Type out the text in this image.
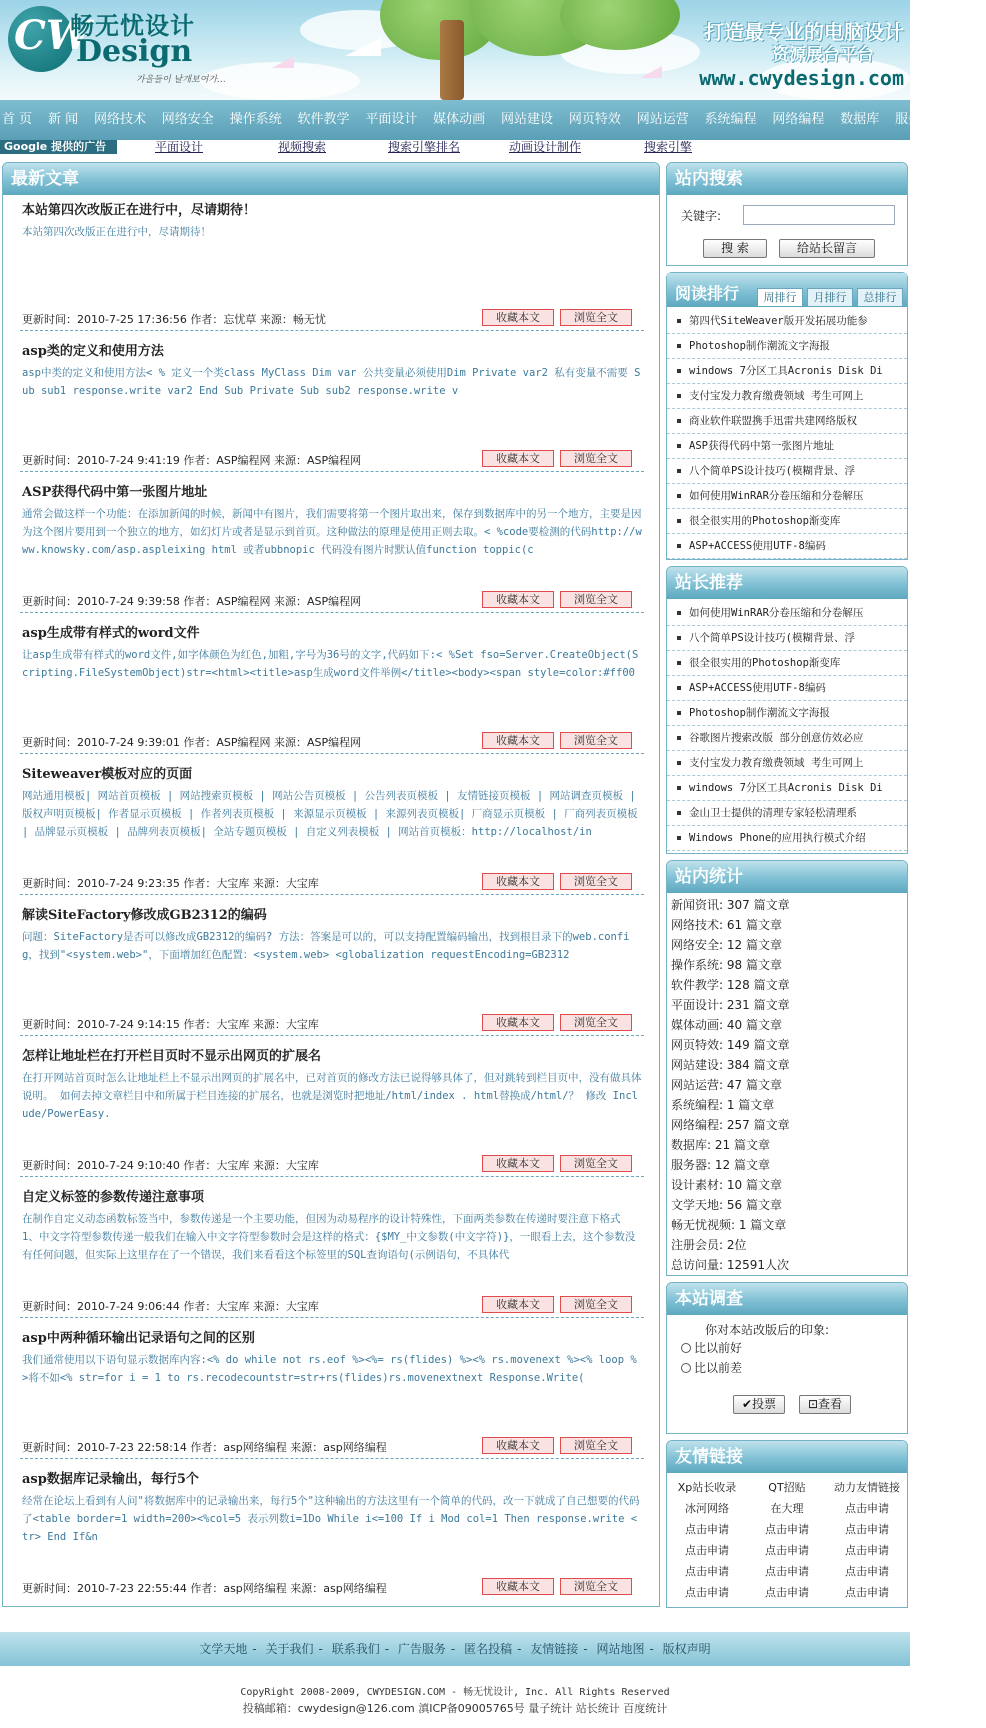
CW
畅无忧设计
Design
가을들이 날개보여가…
打造最专业的电脑设计
资源展台平台
www.cwydesign.com
首 页 新 闻 网络技术 网络安全 操作系统 软件教学 平面设计 媒体动画 网站建设 网页特效 网站运营 系统编程 网络编程 数据库 服务器 素 材
Google 提供的广告	平面设计	视频搜索	搜索引擎排名	动画设计制作	搜索引擎
最新文章
本站第四次改版正在进行中，尽请期待！
本站第四次改版正在进行中，尽请期待！
更新时间：2010-7-25 17:36:56 作者：忘忧草 来源：畅无忧	收藏本文	浏览全文
asp类的定义和使用方法
asp中类的定义和使用方法< % 定义一个类class MyClass Dim var 公共变量必须使用Dim Private var2 私有变量不需要 Sub sub1 response.write var2 End Sub Private Sub sub2 response.write v
更新时间：2010-7-24 9:41:19 作者：ASP编程网 来源：ASP编程网	收藏本文	浏览全文
ASP获得代码中第一张图片地址
通常会做这样一个功能：在添加新闻的时候，新闻中有图片，我们需要将第一个图片取出来，保存到数据库中的另一个地方，主要是因为这个图片要用到一个独立的地方，如幻灯片或者是显示到首页。这种做法的原理是使用正则去取。< %code要检测的代码http://www.knowsky.com/asp.aspleixing html 或者ubbnopic 代码没有图片时默认值function toppic(c
更新时间：2010-7-24 9:39:58 作者：ASP编程网 来源：ASP编程网	收藏本文	浏览全文
asp生成带有样式的word文件
让asp生成带有样式的word文件,如字体颜色为红色,加粗,字号为36号的文字,代码如下:< %Set fso=Server.CreateObject(Scripting.FileSystemObject)str=<html><title>asp生成word文件举例</title><body><span style=color:#ff00
更新时间：2010-7-24 9:39:01 作者：ASP编程网 来源：ASP编程网	收藏本文	浏览全文
Siteweaver模板对应的页面
网站通用模板| 网站首页模板 | 网站搜索页模板 | 网站公告页模板 | 公告列表页模板 | 友情链接页模板 | 网站调查页模板 | 版权声明页模板| 作者显示页模板 | 作者列表页模板 | 来源显示页模板 | 来源列表页模板| 厂商显示页模板 | 厂商列表页模板 | 品牌显示页模板 | 品牌列表页模板| 全站专题页模板 | 自定义列表模板 | 网站首页模板：http://localhost/in
更新时间：2010-7-24 9:23:35 作者：大宝库 来源：大宝库	收藏本文	浏览全文
解读SiteFactory修改成GB2312的编码
问题：SiteFactory是否可以修改成GB2312的编码? 方法：答案是可以的，可以支持配置编码输出，找到根目录下的web.config，找到"<system.web>"，下面增加红色配置：<system.web> <globalization requestEncoding=GB2312
更新时间：2010-7-24 9:14:15 作者：大宝库 来源：大宝库	收藏本文	浏览全文
怎样让地址栏在打开栏目页时不显示出网页的扩展名
在打开网站首页时怎么让地址栏上不显示出网页的扩展名中，已对首页的修改方法已说得够具体了，但对跳转到栏目页中，没有做具体说明。 如何去掉文章栏目中和所属于栏目连接的扩展名，也就是浏览时把地址/html/index . html替换成/html/？ 修改 Include/PowerEasy.
更新时间：2010-7-24 9:10:40 作者：大宝库 来源：大宝库	收藏本文	浏览全文
自定义标签的参数传递注意事项
在制作自定义动态函数标签当中，参数传递是一个主要功能，但因为动易程序的设计特殊性，下面两类参数在传递时要注意下格式 1、中文字符型参数传递一般我们在输入中文字符型参数时会是这样的格式：{$MY_中文参数(中文字符)}，一眼看上去，这个参数没有任何问题，但实际上这里存在了一个错误，我们来看看这个标签里的SQL查询语句(示例语句，不具体代
更新时间：2010-7-24 9:06:44 作者：大宝库 来源：大宝库	收藏本文	浏览全文
asp中两种循环输出记录语句之间的区别
我们通常使用以下语句显示数据库内容:<% do while not rs.eof %><%= rs(flides) %><% rs.movenext %><% loop %>将不如<% str=for i = 1 to rs.recodecountstr=str+rs(flides)rs.movenextnext Response.Write(
更新时间：2010-7-23 22:58:14 作者：asp网络编程 来源：asp网络编程	收藏本文	浏览全文
asp数据库记录输出，每行5个
经常在论坛上看到有人问"将数据库中的记录输出来，每行5个"这种输出的方法这里有一个简单的代码，改一下就成了自己想要的代码了<table border=1 width=200><%col=5 表示列数i=1Do While i<=100 If i Mod col=1 Then response.write <tr> End If&n
更新时间：2010-7-23 22:55:44 作者：asp网络编程 来源：asp网络编程	收藏本文	浏览全文
站内搜索
关键字:
搜 索	给站长留言
阅读排行	周排行	月排行	总排行
第四代SiteWeaver版开发拓展功能参
Photoshop制作潮流文字海报
windows 7分区工具Acronis Disk Di
支付宝发力教育缴费领域 考生可网上
商业软件联盟携手迅雷共建网络版权
ASP获得代码中第一张图片地址
八个简单PS设计技巧(模糊背景、浮
如何使用WinRAR分卷压缩和分卷解压
很全很实用的Photoshop渐变库
ASP+ACCESS使用UTF-8编码
站长推荐
如何使用WinRAR分卷压缩和分卷解压
八个简单PS设计技巧(模糊背景、浮
很全很实用的Photoshop渐变库
ASP+ACCESS使用UTF-8编码
Photoshop制作潮流文字海报
谷歌图片搜索改版 部分创意仿效必应
支付宝发力教育缴费领域 考生可网上
windows 7分区工具Acronis Disk Di
金山卫士提供的清理专家轻松清理系
Windows Phone的应用执行模式介绍
站内统计
新闻资讯: 307 篇文章
网络技术: 61 篇文章
网络安全: 12 篇文章
操作系统: 98 篇文章
软件教学: 128 篇文章
平面设计: 231 篇文章
媒体动画: 40 篇文章
网页特效: 149 篇文章
网站建设: 384 篇文章
网站运营: 47 篇文章
系统编程: 1 篇文章
网络编程: 257 篇文章
数据库: 21 篇文章
服务器: 12 篇文章
设计素材: 10 篇文章
文学天地: 56 篇文章
畅无忧视频: 1 篇文章
注册会员: 2位
总访问量: 12591人次
本站调查
你对本站改版后的印象:
比以前好
比以前差
✔投票	⊡查看
友情链接
Xp站长收录	QT招贴	动力友情链接
冰河网络	在大理	点击申请
点击申请	点击申请	点击申请
点击申请	点击申请	点击申请
点击申请	点击申请	点击申请
点击申请	点击申请	点击申请
文学天地 - 关于我们 - 联系我们 - 广告服务 - 匿名投稿 - 友情链接 - 网站地图 - 版权声明
CopyRight 2008-2009, CWYDESIGN.COM - 畅无忧设计, Inc. All Rights Reserved
投稿邮箱：cwydesign@126.com 滇ICP备09005765号 量子统计 站长统计 百度统计
